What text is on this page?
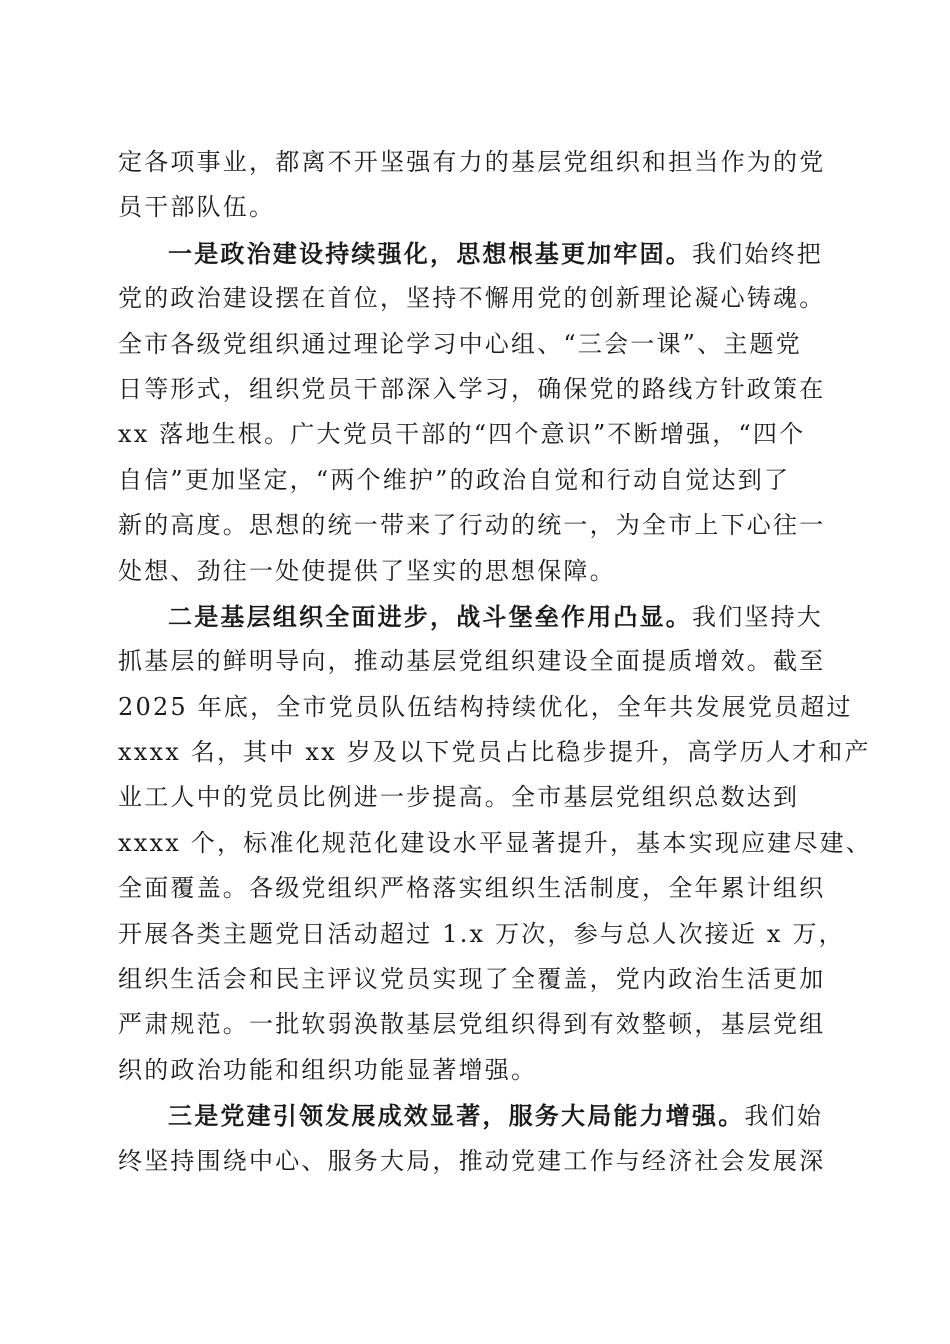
定各项事业，都离不开坚强有力的基层党组织和担当作为的党
员干部队伍。
一是政治建设持续强化，思想根基更加牢固。我们始终把
党的政治建设摆在首位，坚持不懈用党的创新理论凝心铸魂。
全市各级党组织通过理论学习中心组、“三会一课”、主题党
日等形式，组织党员干部深入学习，确保党的路线方针政策在
xx 落地生根。广大党员干部的“四个意识”不断增强，“四个
自信”更加坚定，“两个维护”的政治自觉和行动自觉达到了
新的高度。思想的统一带来了行动的统一，为全市上下心往一
处想、劲往一处使提供了坚实的思想保障。
二是基层组织全面进步，战斗堡垒作用凸显。我们坚持大
抓基层的鲜明导向，推动基层党组织建设全面提质增效。截至
2025 年底，全市党员队伍结构持续优化，全年共发展党员超过
xxxx 名，其中 xx 岁及以下党员占比稳步提升，高学历人才和产
业工人中的党员比例进一步提高。全市基层党组织总数达到
xxxx 个，标准化规范化建设水平显著提升，基本实现应建尽建、
全面覆盖。各级党组织严格落实组织生活制度，全年累计组织
开展各类主题党日活动超过 1.x 万次，参与总人次接近 x 万，
组织生活会和民主评议党员实现了全覆盖，党内政治生活更加
严肃规范。一批软弱涣散基层党组织得到有效整顿，基层党组
织的政治功能和组织功能显著增强。
三是党建引领发展成效显著，服务大局能力增强。我们始
终坚持围绕中心、服务大局，推动党建工作与经济社会发展深
